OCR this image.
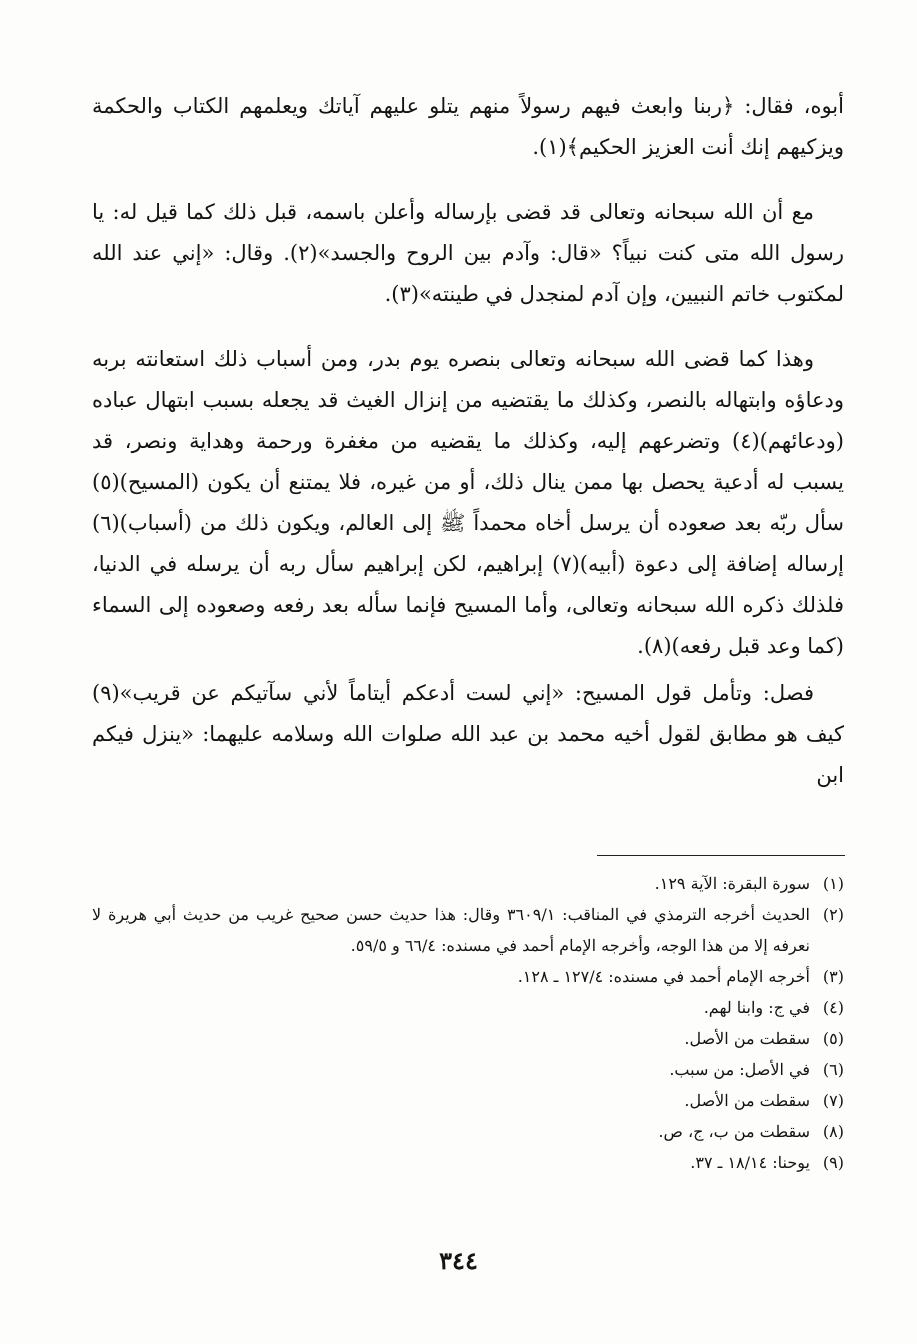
أبوه، فقال: ﴿ربنا وابعث فيهم رسولاً منهم يتلو عليهم آياتك ويعلمهم الكتاب والحكمة ويزكيهم إنك أنت العزيز الحكيم﴾(١).

مع أن الله سبحانه وتعالى قد قضى بإرساله وأعلن باسمه، قبل ذلك كما قيل له: يا رسول الله متى كنت نبياً؟ «قال: وآدم بين الروح والجسد»(٢). وقال: «إني عند الله لمكتوب خاتم النبيين، وإن آدم لمنجدل في طينته»(٣).

وهذا كما قضى الله سبحانه وتعالى بنصره يوم بدر، ومن أسباب ذلك استعانته بربه ودعاؤه وابتهاله بالنصر، وكذلك ما يقتضيه من إنزال الغيث قد يجعله بسبب ابتهال عباده (ودعائهم)(٤) وتضرعهم إليه، وكذلك ما يقضيه من مغفرة ورحمة وهداية ونصر، قد يسبب له أدعية يحصل بها ممن ينال ذلك، أو من غيره، فلا يمتنع أن يكون (المسيح)(٥) سأل ربّه بعد صعوده أن يرسل أخاه محمداً ﷺ إلى العالم، ويكون ذلك من (أسباب)(٦) إرساله إضافة إلى دعوة (أبيه)(٧) إبراهيم، لكن إبراهيم سأل ربه أن يرسله في الدنيا، فلذلك ذكره الله سبحانه وتعالى، وأما المسيح فإنما سأله بعد رفعه وصعوده إلى السماء (كما وعد قبل رفعه)(٨).

فصل: وتأمل قول المسيح: «إني لست أدعكم أيتاماً لأني سآتيكم عن قريب»(٩) كيف هو مطابق لقول أخيه محمد بن عبد الله صلوات الله وسلامه عليهما: «ينزل فيكم ابن

(١)
سورة البقرة: الآية ١٢٩.
(٢)
الحديث أخرجه الترمذي في المناقب: ٣٦٠٩/١ وقال: هذا حديث حسن صحيح غريب من حديث أبي هريرة لا نعرفه إلا من هذا الوجه، وأخرجه الإمام أحمد في مسنده: ٦٦/٤ و ٥٩/٥.
(٣)
أخرجه الإمام أحمد في مسنده: ١٢٧/٤ ـ ١٢٨.
(٤)
في ج: وابنا لهم.
(٥)
سقطت من الأصل.
(٦)
في الأصل: من سبب.
(٧)
سقطت من الأصل.
(٨)
سقطت من ب، ج، ص.
(٩)
يوحنا: ١٨/١٤ ـ ٣٧.
٣٤٤
